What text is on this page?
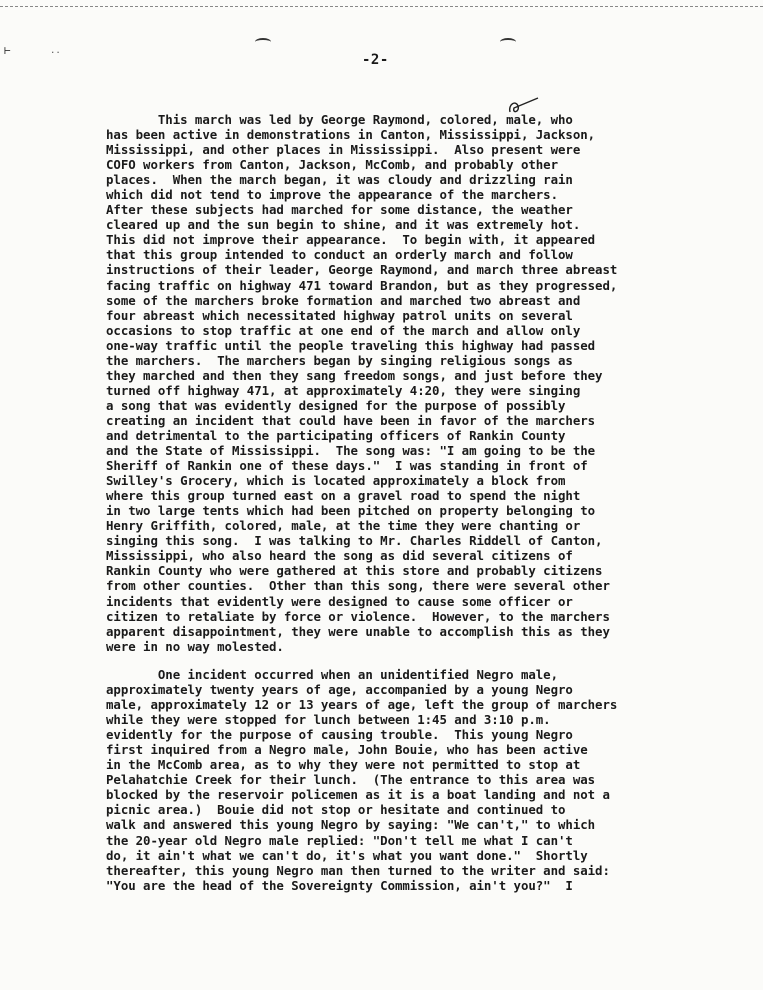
⊢	..
-2-
This march was led by George Raymond, colored, male, who
has been active in demonstrations in Canton, Mississippi, Jackson,
Mississippi, and other places in Mississippi.  Also present were
COFO workers from Canton, Jackson, McComb, and probably other
places.  When the march began, it was cloudy and drizzling rain
which did not tend to improve the appearance of the marchers.
After these subjects had marched for some distance, the weather
cleared up and the sun begin to shine, and it was extremely hot.
This did not improve their appearance.  To begin with, it appeared
that this group intended to conduct an orderly march and follow
instructions of their leader, George Raymond, and march three abreast
facing traffic on highway 471 toward Brandon, but as they progressed,
some of the marchers broke formation and marched two abreast and
four abreast which necessitated highway patrol units on several
occasions to stop traffic at one end of the march and allow only
one-way traffic until the people traveling this highway had passed
the marchers.  The marchers began by singing religious songs as
they marched and then they sang freedom songs, and just before they
turned off highway 471, at approximately 4:20, they were singing
a song that was evidently designed for the purpose of possibly
creating an incident that could have been in favor of the marchers
and detrimental to the participating officers of Rankin County
and the State of Mississippi.  The song was: "I am going to be the
Sheriff of Rankin one of these days."  I was standing in front of
Swilley's Grocery, which is located approximately a block from
where this group turned east on a gravel road to spend the night
in two large tents which had been pitched on property belonging to
Henry Griffith, colored, male, at the time they were chanting or
singing this song.  I was talking to Mr. Charles Riddell of Canton,
Mississippi, who also heard the song as did several citizens of
Rankin County who were gathered at this store and probably citizens
from other counties.  Other than this song, there were several other
incidents that evidently were designed to cause some officer or
citizen to retaliate by force or violence.  However, to the marchers
apparent disappointment, they were unable to accomplish this as they
were in no way molested.
One incident occurred when an unidentified Negro male,
approximately twenty years of age, accompanied by a young Negro
male, approximately 12 or 13 years of age, left the group of marchers
while they were stopped for lunch between 1:45 and 3:10 p.m.
evidently for the purpose of causing trouble.  This young Negro
first inquired from a Negro male, John Bouie, who has been active
in the McComb area, as to why they were not permitted to stop at
Pelahatchie Creek for their lunch.  (The entrance to this area was
blocked by the reservoir policemen as it is a boat landing and not a
picnic area.)  Bouie did not stop or hesitate and continued to
walk and answered this young Negro by saying: "We can't," to which
the 20-year old Negro male replied: "Don't tell me what I can't
do, it ain't what we can't do, it's what you want done."  Shortly
thereafter, this young Negro man then turned to the writer and said:
"You are the head of the Sovereignty Commission, ain't you?"  I
